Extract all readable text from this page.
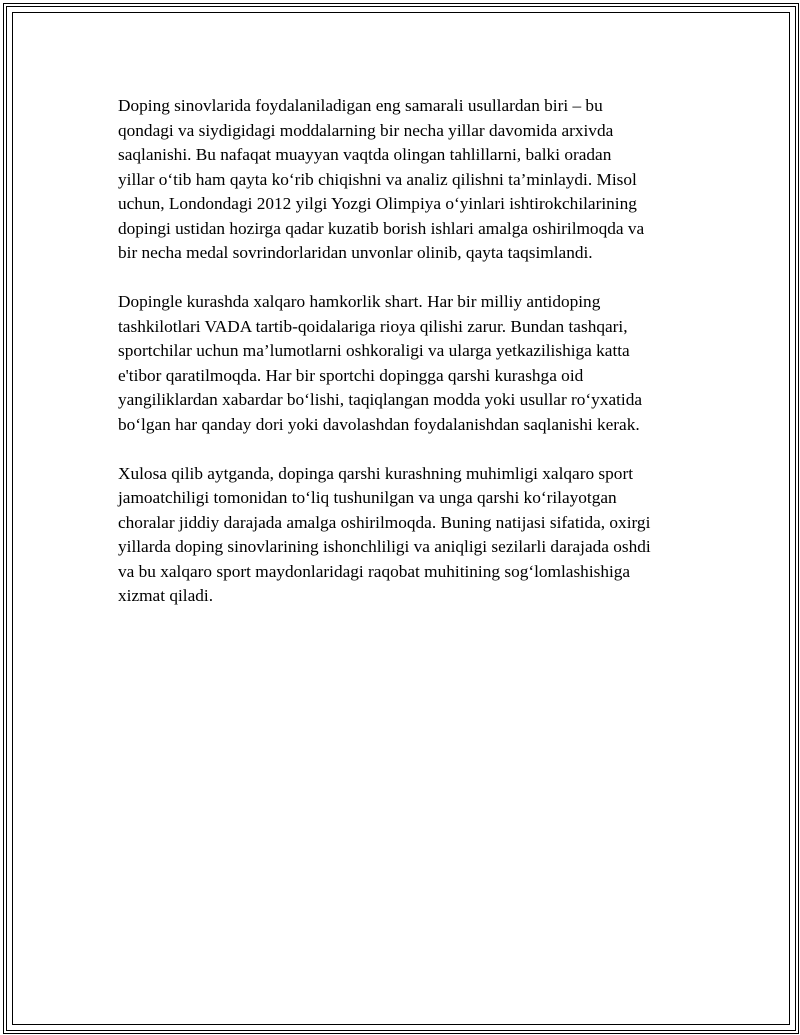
Doping sinovlarida foydalaniladigan eng samarali usullardan biri – bu
qondagi va siydigidagi moddalarning bir necha yillar davomida arxivda
saqlanishi. Bu nafaqat muayyan vaqtda olingan tahlillarni, balki oradan
yillar o‘tib ham qayta ko‘rib chiqishni va analiz qilishni ta’minlaydi. Misol
uchun, Londondagi 2012 yilgi Yozgi Olimpiya o‘yinlari ishtirokchilarining
dopingi ustidan hozirga qadar kuzatib borish ishlari amalga oshirilmoqda va
bir necha medal sovrindorlaridan unvonlar olinib, qayta taqsimlandi.

Dopingle kurashda xalqaro hamkorlik shart. Har bir milliy antidoping
tashkilotlari VADA tartib-qoidalariga rioya qilishi zarur. Bundan tashqari,
sportchilar uchun ma’lumotlarni oshkoraligi va ularga yetkazilishiga katta
e'tibor qaratilmoqda. Har bir sportchi dopingga qarshi kurashga oid
yangiliklardan xabardar bo‘lishi, taqiqlangan modda yoki usullar ro‘yxatida
bo‘lgan har qanday dori yoki davolashdan foydalanishdan saqlanishi kerak.

Xulosa qilib aytganda, dopinga qarshi kurashning muhimligi xalqaro sport
jamoatchiligi tomonidan to‘liq tushunilgan va unga qarshi ko‘rilayotgan
choralar jiddiy darajada amalga oshirilmoqda. Buning natijasi sifatida, oxirgi
yillarda doping sinovlarining ishonchliligi va aniqligi sezilarli darajada oshdi
va bu xalqaro sport maydonlaridagi raqobat muhitining sog‘lomlashishiga
xizmat qiladi.
